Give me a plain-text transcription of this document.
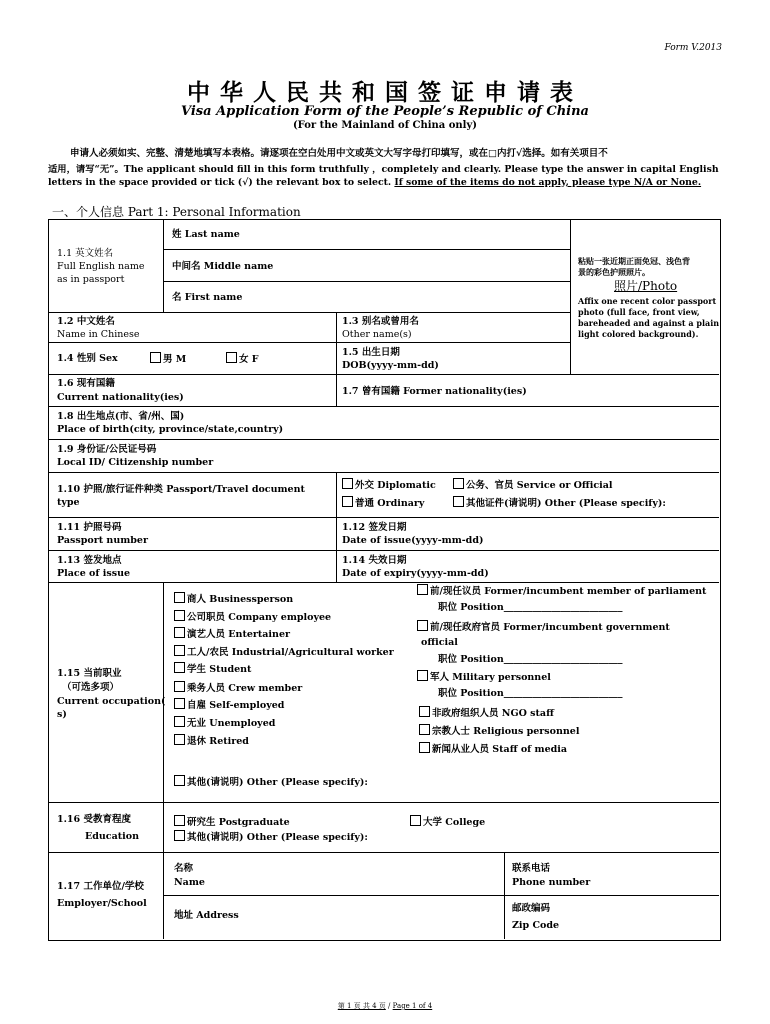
Form V.2013
中华人民共和国签证申请表
Visa Application Form of the People’s Republic of China
(For the Mainland of China only)
申请人必须如实、完整、清楚地填写本表格。请逐项在空白处用中文或英文大写字母打印填写，或在□内打√选择。如有关项目不
适用，请写“无”。The applicant should fill in this form truthfully ，completely and clearly. Please type the answer in capital English
letters in the space provided or tick (√) the relevant box to select. If some of the items do not apply, please type N/A or None.
一、个人信息 Part 1: Personal Information
1.1 英文姓名
Full English name
as in passport
姓 Last name
中间名 Middle name
名 First name
粘贴一张近期正面免冠、浅色背
景的彩色护照照片。
照片/Photo
Affix one recent color passport
photo (full face, front view,
bareheaded and against a plain
light colored background).
1.2 中文姓名
Name in Chinese
1.3 别名或曾用名
Other name(s)
1.4 性别 Sex	男 M	女 F
1.5 出生日期
DOB(yyyy-mm-dd)
1.6 现有国籍
Current nationality(ies)
1.7 曾有国籍 Former nationality(ies)
1.8 出生地点(市、省/州、国)
Place of birth(city, province/state,country)
1.9 身份证/公民证号码
Local ID/ Citizenship number
1.10 护照/旅行证件种类 Passport/Travel document
type
外交 Diplomatic	公务、官员 Service or Official
普通 Ordinary	其他证件(请说明) Other (Please specify):
1.11 护照号码
Passport number
1.12 签发日期
Date of issue(yyyy-mm-dd)
1.13 签发地点
Place of issue
1.14 失效日期
Date of expiry(yyyy-mm-dd)
1.15 当前职业
（可选多项）
Current occupation(
s)
商人 Businessperson
公司职员 Company employee
演艺人员 Entertainer
工人/农民 Industrial/Agricultural worker
学生 Student
乘务人员 Crew member
自雇 Self-employed
无业 Unemployed
退休 Retired
前/现任议员 Former/incumbent member of parliament
职位 Position_________________________
前/现任政府官员 Former/incumbent government
official
职位 Position_________________________
军人 Military personnel
职位 Position_________________________
非政府组织人员 NGO staff
宗教人士 Religious personnel
新闻从业人员 Staff of media
其他(请说明) Other (Please specify):
1.16 受教育程度
Education
研究生 Postgraduate	大学 College
其他(请说明) Other (Please specify):
1.17 工作单位/学校
Employer/School
名称
Name
联系电话
Phone number
地址 Address
邮政编码
Zip Code
第 1 页 共 4 页 / Page 1 of 4
